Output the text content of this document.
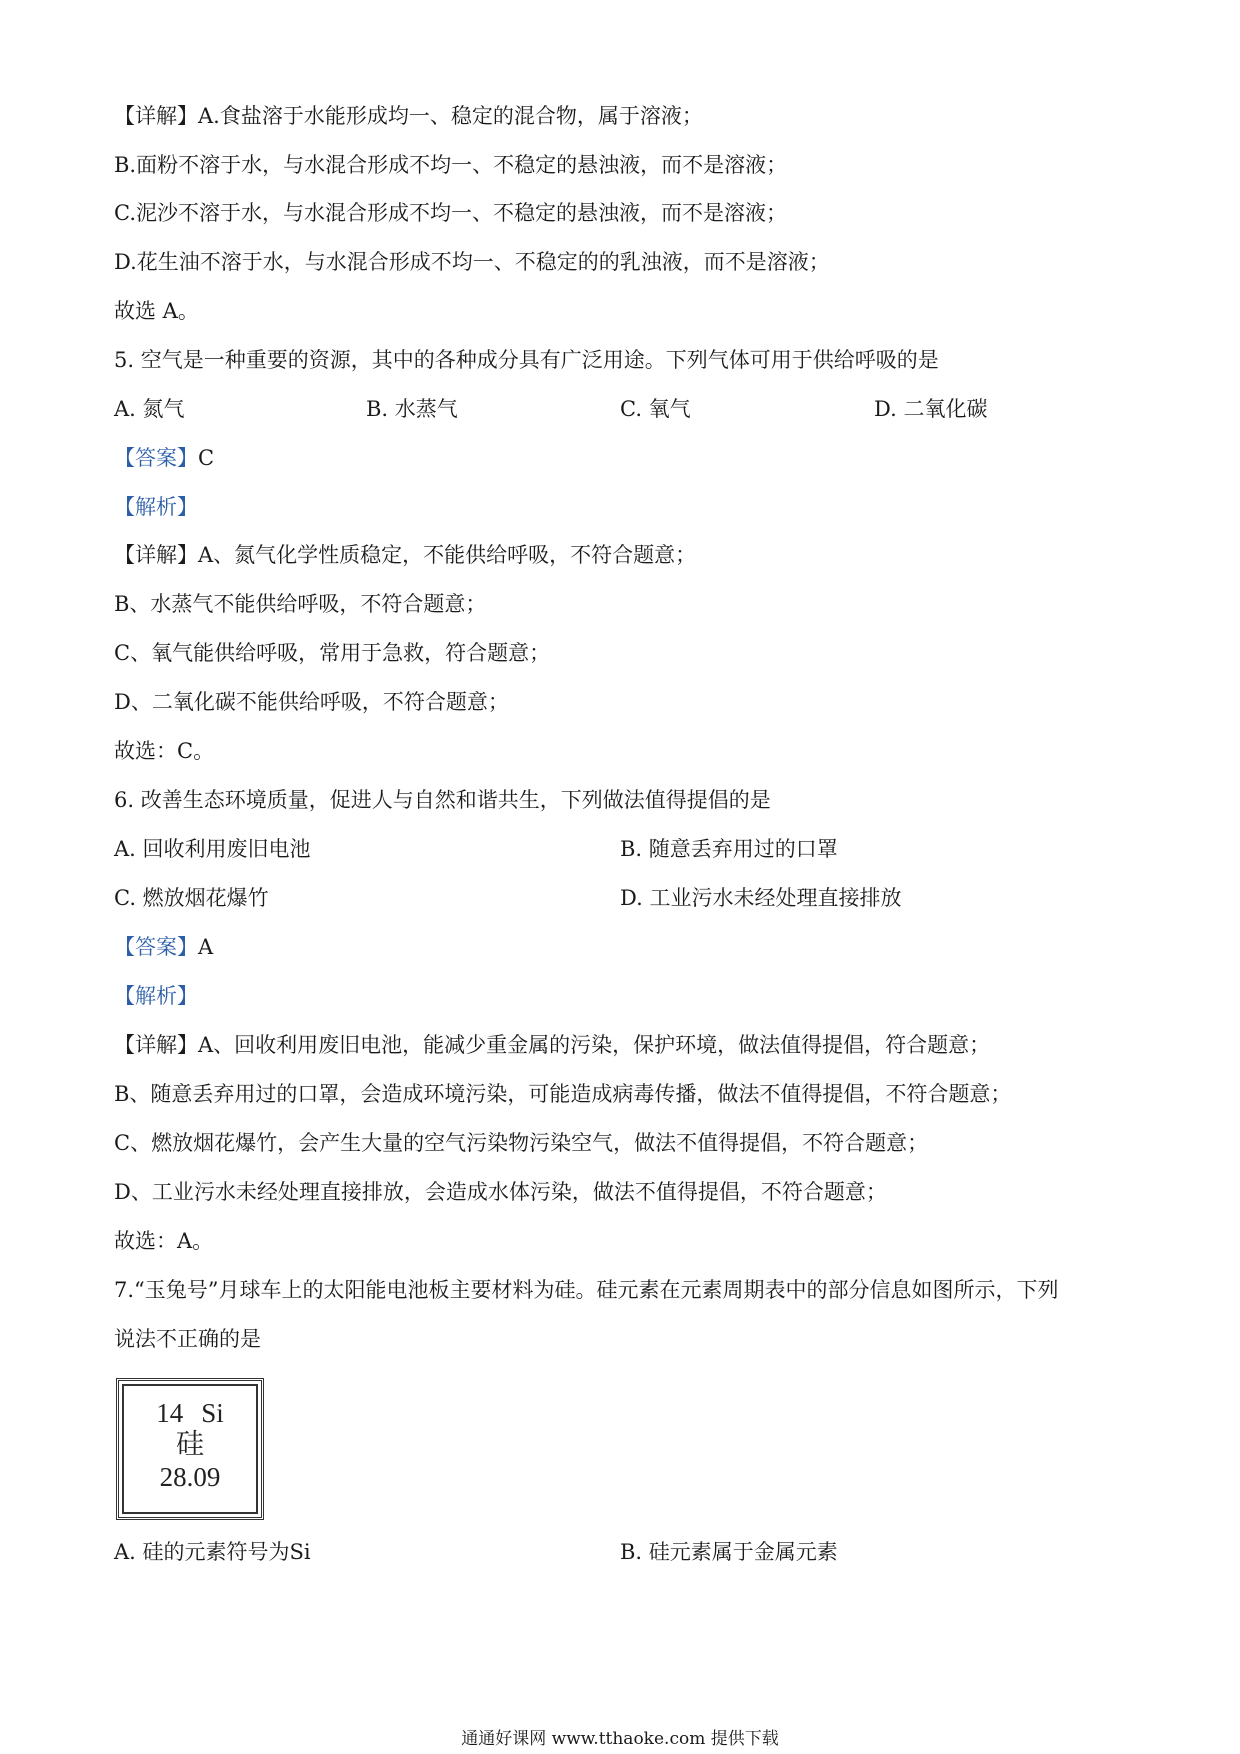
【详解】A.食盐溶于水能形成均一、稳定的混合物，属于溶液；
B.面粉不溶于水，与水混合形成不均一、不稳定的悬浊液，而不是溶液；
C.泥沙不溶于水，与水混合形成不均一、不稳定的悬浊液，而不是溶液；
D.花生油不溶于水，与水混合形成不均一、不稳定的的乳浊液，而不是溶液；
故选 A。
5. 空气是一种重要的资源，其中的各种成分具有广泛用途。下列气体可用于供给呼吸的是
A. 氮气	B. 水蒸气	C. 氧气	D. 二氧化碳
【答案】C
【解析】
【详解】A、氮气化学性质稳定，不能供给呼吸，不符合题意；
B、水蒸气不能供给呼吸，不符合题意；
C、氧气能供给呼吸，常用于急救，符合题意；
D、二氧化碳不能供给呼吸，不符合题意；
故选：C。
6. 改善生态环境质量，促进人与自然和谐共生，下列做法值得提倡的是
A. 回收利用废旧电池	B. 随意丢弃用过的口罩
C. 燃放烟花爆竹	D. 工业污水未经处理直接排放
【答案】A
【解析】
【详解】A、回收利用废旧电池，能减少重金属的污染，保护环境，做法值得提倡，符合题意；
B、随意丢弃用过的口罩，会造成环境污染，可能造成病毒传播，做法不值得提倡，不符合题意；
C、燃放烟花爆竹，会产生大量的空气污染物污染空气，做法不值得提倡，不符合题意；
D、工业污水未经处理直接排放，会造成水体污染，做法不值得提倡，不符合题意；
故选：A。
7.“玉兔号”月球车上的太阳能电池板主要材料为硅。硅元素在元素周期表中的部分信息如图所示，下列
说法不正确的是
14 Si
硅
28.09
A. 硅的元素符号为Si	B. 硅元素属于金属元素
通通好课网 www.tthaoke.com 提供下载
